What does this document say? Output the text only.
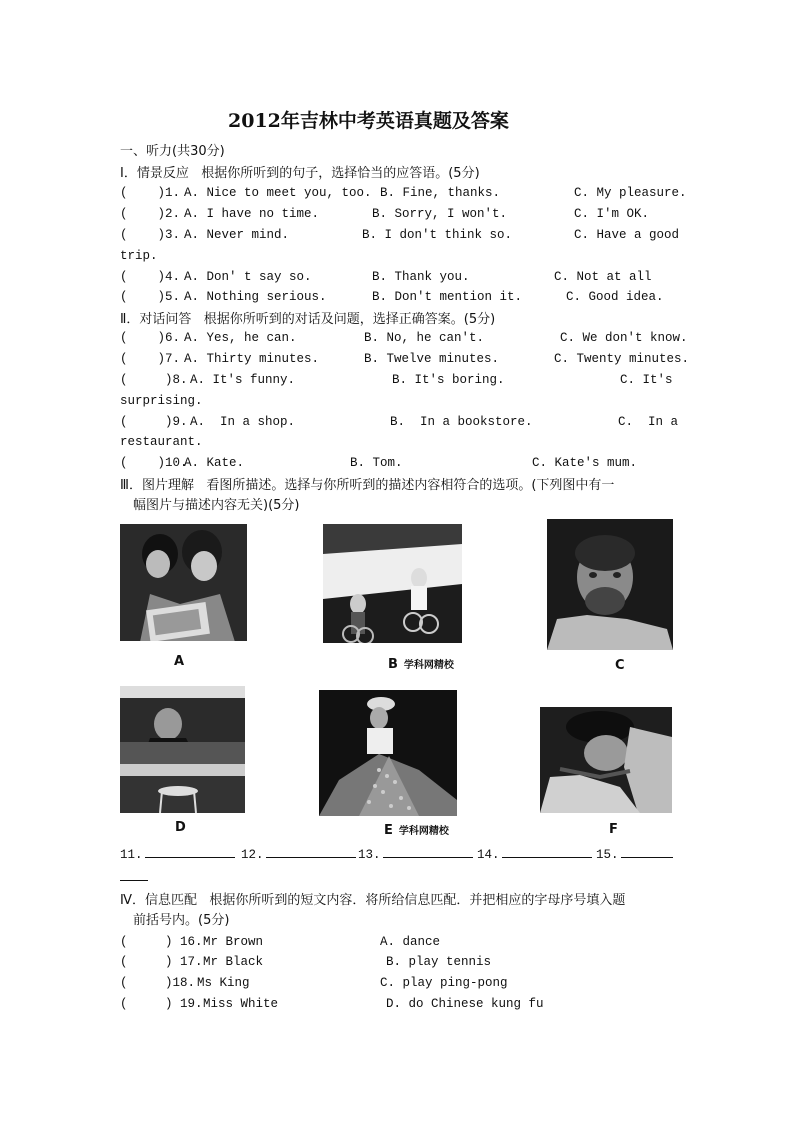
2012年吉林中考英语真题及答案
一、听力(共30分)
Ⅰ．情景反应   根据你所听到的句子，选择恰当的应答语。(5分)
(    )1. A. Nice to meet you, too. B. Fine, thanks.	C. My pleasure.
(    )2. A. I have no time.	B. Sorry, I won't.	C. I'm OK.
(    )3. A. Never mind.	B. I don't think so.	C. Have a good
trip.
(    )4. A. Don' t say so.	B. Thank you.	C. Not at all
(    )5. A. Nothing serious.	B. Don't mention it.	C. Good idea.
Ⅱ．对话问答   根据你所听到的对话及问题，选择正确答案。(5分)
(    )6. A. Yes, he can.	B. No, he can't.	C. We don't know.
(    )7. A. Thirty minutes.	B. Twelve minutes.	C. Twenty minutes.
(     )8. A. It's funny.	B. It's boring.	C. It's
surprising.
(     )9. A.  In a shop.	B.  In a bookstore.	C.  In a
restaurant.
(    )10.
A. Kate.	B. Tom.	C. Kate's mum.
Ⅲ．图片理解   看图所描述。选择与你所听到的描述内容相符合的选项。(下列图中有一
幅图片与描述内容无关)(5分)
A	B 学科网精校	C
D	E 学科网精校	F
11.	12.	13.	14.	15.
Ⅳ．信息匹配   根据你所听到的短文内容．将所给信息匹配．并把相应的字母序号填入题
前括号内。(5分)
(     ) 16. Mr Brown	A. dance
(     ) 17. Mr Black	B. play tennis
(     )18. Ms King	C. play ping-pong
(     ) 19. Miss White	D. do Chinese kung fu
